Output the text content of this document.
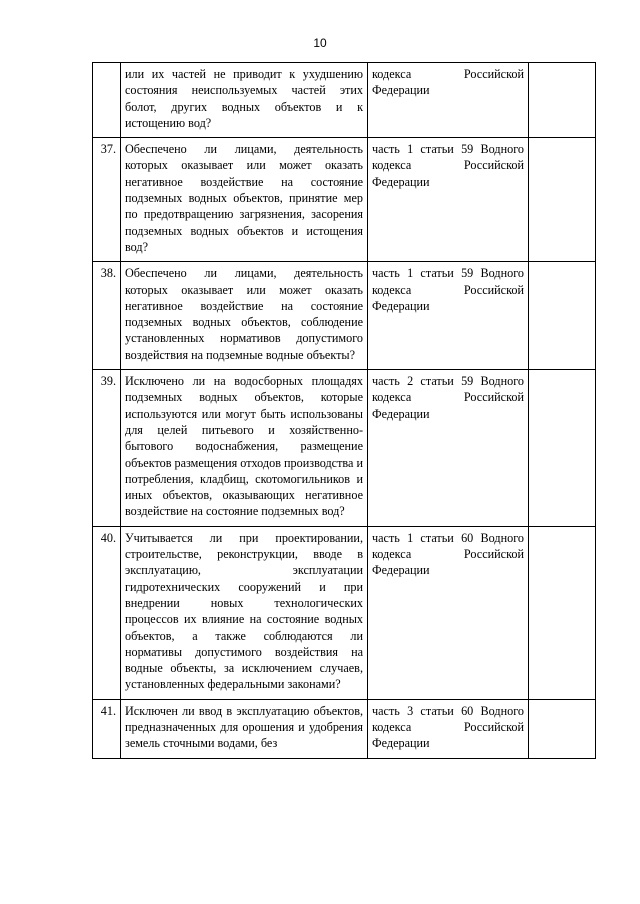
10
	или их частей не приводит к ухудшению состояния неиспользуемых частей этих болот, других водных объектов и к истощению вод?	кодекса Российской Федерации	
37.	Обеспечено ли лицами, деятельность которых оказывает или может оказать негативное воздействие на состояние подземных водных объектов, принятие мер по предотвращению загрязнения, засорения подземных водных объектов и истощения вод?	часть 1 статьи 59 Водного кодекса Российской Федерации	
38.	Обеспечено ли лицами, деятельность которых оказывает или может оказать негативное воздействие на состояние подземных водных объектов, соблюдение установленных нормативов допустимого воздействия на подземные водные объекты?	часть 1 статьи 59 Водного кодекса Российской Федерации	
39.	Исключено ли на водосборных площадях подземных водных объектов, которые используются или могут быть использованы для целей питьевого и хозяйственно-бытового водоснабжения, размещение объектов размещения отходов производства и потребления, кладбищ, скотомогильников и иных объектов, оказывающих негативное воздействие на состояние подземных вод?	часть 2 статьи 59 Водного кодекса Российской Федерации	
40.	Учитывается ли при проектировании, строительстве, реконструкции, вводе в эксплуатацию, эксплуатации гидротехнических сооружений и при внедрении новых технологических процессов их влияние на состояние водных объектов, а также соблюдаются ли нормативы допустимого воздействия на водные объекты, за исключением случаев, установленных федеральными законами?	часть 1 статьи 60 Водного кодекса Российской Федерации	
41.	Исключен ли ввод в эксплуатацию объектов, предназначенных для орошения и удобрения земель сточными водами, без	часть 3 статьи 60 Водного кодекса Российской Федерации	
